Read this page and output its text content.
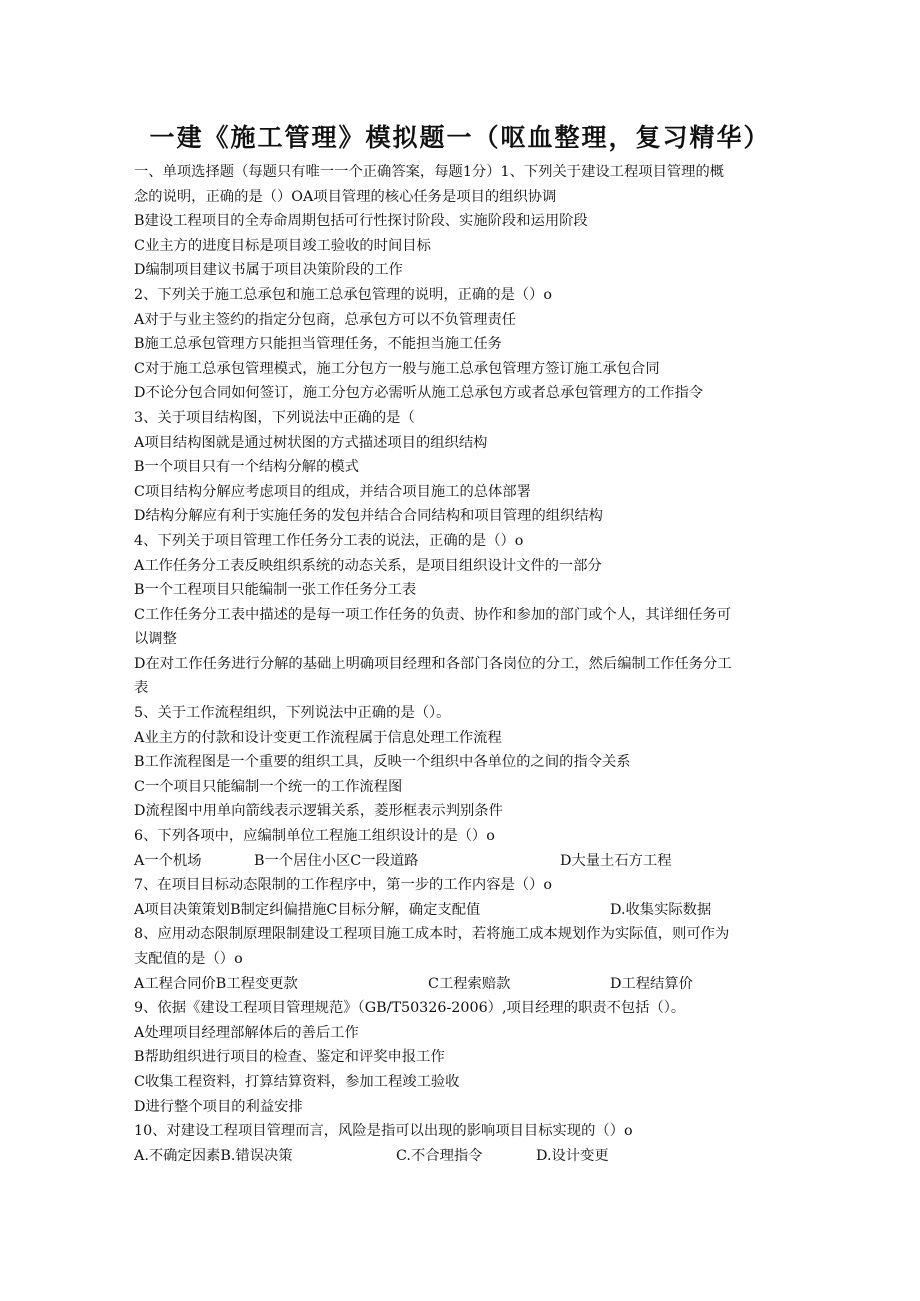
一建《施工管理》模拟题一（呕血整理，复习精华）
一、单项选择题（每题只有唯一一个正确答案，每题1分）1、下列关于建设工程项目管理的概
念的说明，正确的是（）OA项目管理的核心任务是项目的组织协调
B建设工程项目的全寿命周期包括可行性探讨阶段、实施阶段和运用阶段
C业主方的进度目标是项目竣工验收的时间目标
D编制项目建议书属于项目决策阶段的工作
2、下列关于施工总承包和施工总承包管理的说明，正确的是（）o
A对于与业主签约的指定分包商，总承包方可以不负管理责任
B施工总承包管理方只能担当管理任务，不能担当施工任务
C对于施工总承包管理模式，施工分包方一般与施工总承包管理方签订施工承包合同
D不论分包合同如何签订，施工分包方必需听从施工总承包方或者总承包管理方的工作指令
3、关于项目结构图，下列说法中正确的是（
A项目结构图就是通过树状图的方式描述项目的组织结构
B一个项目只有一个结构分解的模式
C项目结构分解应考虑项目的组成，并结合项目施工的总体部署
D结构分解应有利于实施任务的发包并结合合同结构和项目管理的组织结构
4、下列关于项目管理工作任务分工表的说法，正确的是（）o
A工作任务分工表反映组织系统的动态关系，是项目组织设计文件的一部分
B一个工程项目只能编制一张工作任务分工表
C工作任务分工表中描述的是每一项工作任务的负责、协作和参加的部门或个人，其详细任务可
以调整
D在对工作任务进行分解的基础上明确项目经理和各部门各岗位的分工，然后编制工作任务分工
表
5、关于工作流程组织，下列说法中正确的是（）。
A业主方的付款和设计变更工作流程属于信息处理工作流程
B工作流程图是一个重要的组织工具，反映一个组织中各单位的之间的指令关系
C一个项目只能编制一个统一的工作流程图
D流程图中用单向箭线表示逻辑关系，菱形框表示判别条件
6、下列各项中，应编制单位工程施工组织设计的是（）o
A一个机场	B一个居住小区C一段道路	D大量土石方工程
7、在项目目标动态限制的工作程序中，第一步的工作内容是（）o
A项目决策策划B制定纠偏措施C目标分解，确定支配值	D.收集实际数据
8、应用动态限制原理限制建设工程项目施工成本时，若将施工成本规划作为实际值，则可作为
支配值的是（）o
A工程合同价B工程变更款	C工程索赔款	D工程结算价
9、依据《建设工程项目管理规范》（GB/T50326-2006）,项目经理的职责不包括（）。
A处理项目经理部解体后的善后工作
B帮助组织进行项目的检查、鉴定和评奖申报工作
C收集工程资料，打算结算资料，参加工程竣工验收
D进行整个项目的利益安排
10、对建设工程项目管理而言，风险是指可以出现的影响项目目标实现的（）o
A.不确定因素B.错误决策	C.不合理指令	D.设计变更
